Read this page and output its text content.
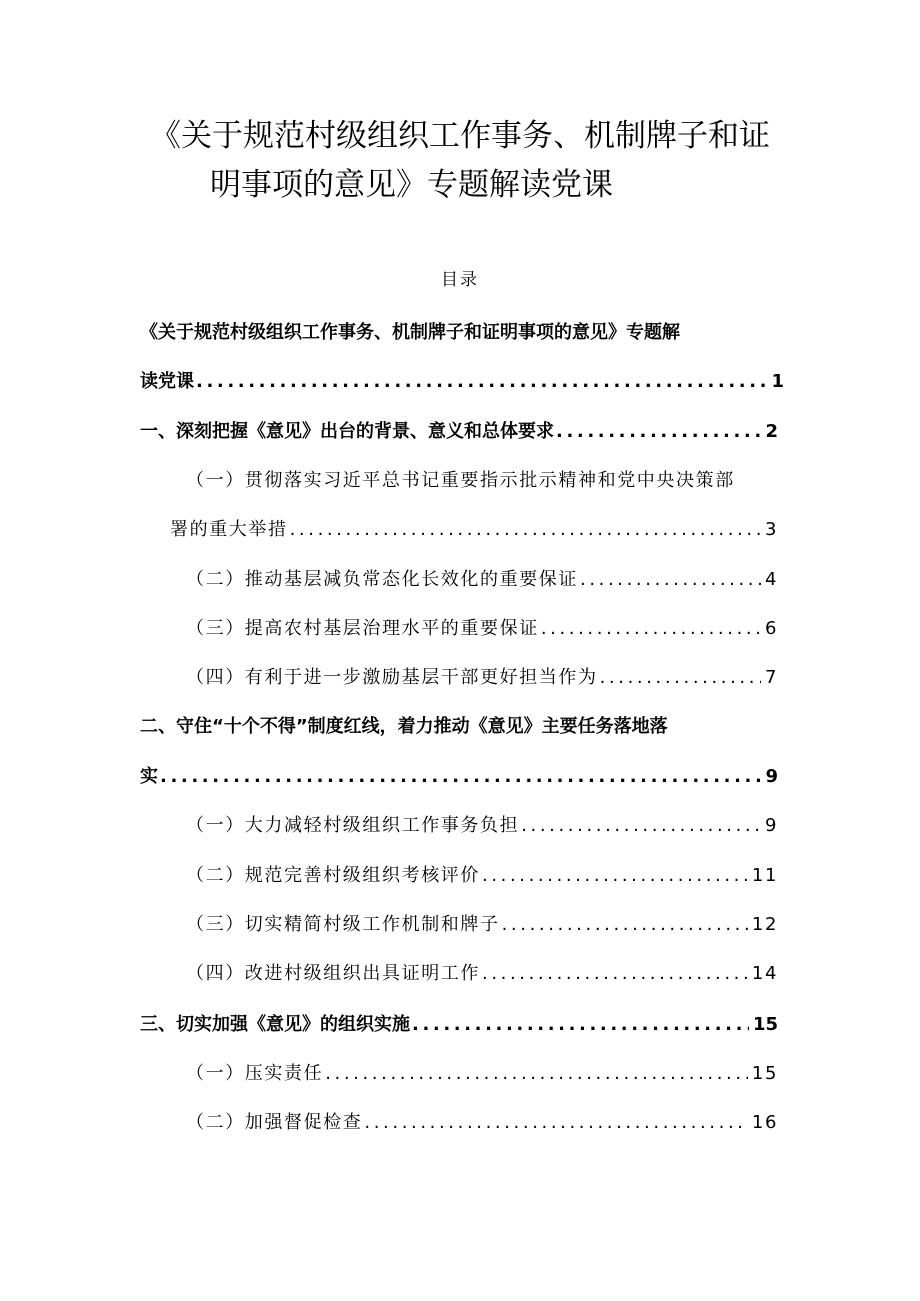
《关于规范村级组织工作事务、机制牌子和证
明事项的意见》专题解读党课
目录
《关于规范村级组织工作事务、机制牌子和证明事项的意见》专题解
读党课 .....	1
一、深刻把握《意见》出台的背景、意义和总体要求 .....	2
（一）贯彻落实习近平总书记重要指示批示精神和党中央决策部
署的重大举措 .....	3
（二）推动基层减负常态化长效化的重要保证 .....	4
（三）提高农村基层治理水平的重要保证 .....	6
（四）有利于进一步激励基层干部更好担当作为 .....	7
二、守住“十个不得”制度红线，着力推动《意见》主要任务落地落
实 .....	9
（一）大力减轻村级组织工作事务负担 .....	9
（二）规范完善村级组织考核评价 .....	11
（三）切实精简村级工作机制和牌子 .....	12
（四）改进村级组织出具证明工作 .....	14
三、切实加强《意见》的组织实施 .....	15
（一）压实责任 .....	15
（二）加强督促检查 .....	16
